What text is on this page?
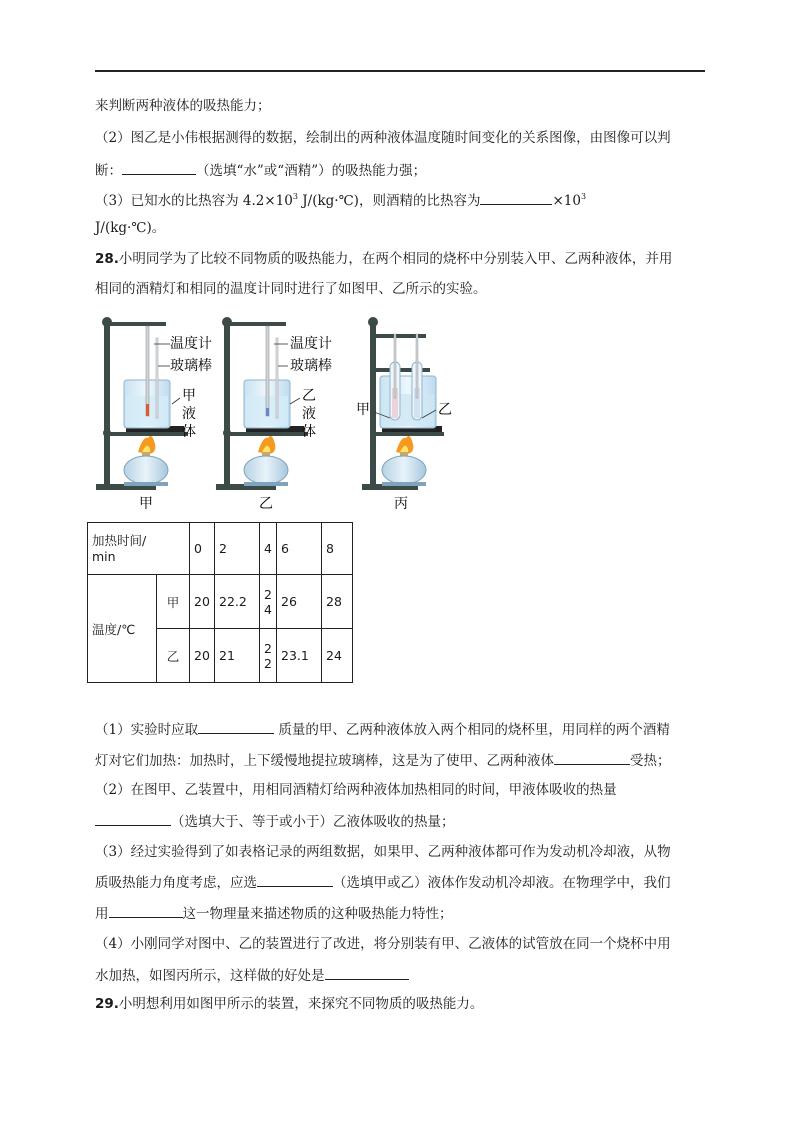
来判断两种液体的吸热能力；
（2）图乙是小伟根据测得的数据，绘制出的两种液体温度随时间变化的关系图像，由图像可以判
断：	（选填“水”或“酒精”）的吸热能力强；
（3）已知水的比热容为 $4.2\times 10^3$ J/(kg·℃)，则酒精的比热容为	$\times 10^3$
J/(kg·℃)。
28.小明同学为了比较不同物质的吸热能力，在两个相同的烧杯中分别装入甲、乙两种液体，并用
相同的酒精灯和相同的温度计同时进行了如图甲、乙所示的实验。
温度计
玻璃棒
甲
液
体
温度计
玻璃棒
乙
液
体
甲	乙
甲	乙	丙
加热时间/
min		0	2	4	6	8
温度/℃	甲	20	22.2	24	26	28
	乙	20	21	22	23.1	24
（1）实验时应取	质量的甲、乙两种液体放入两个相同的烧杯里，用同样的两个酒精
灯对它们加热：加热时，上下缓慢地提拉玻璃棒，这是为了使甲、乙两种液体	受热；
（2）在图甲、乙装置中，用相同酒精灯给两种液体加热相同的时间，甲液体吸收的热量
（选填大于、等于或小于）乙液体吸收的热量；
（3）经过实验得到了如表格记录的两组数据，如果甲、乙两种液体都可作为发动机冷却液，从物
质吸热能力角度考虑，应选	（选填甲或乙）液体作发动机冷却液。在物理学中，我们
用	这一物理量来描述物质的这种吸热能力特性；
（4）小刚同学对图中、乙的装置进行了改进，将分别装有甲、乙液体的试管放在同一个烧杯中用
水加热，如图丙所示，这样做的好处是
29.小明想利用如图甲所示的装置，来探究不同物质的吸热能力。
